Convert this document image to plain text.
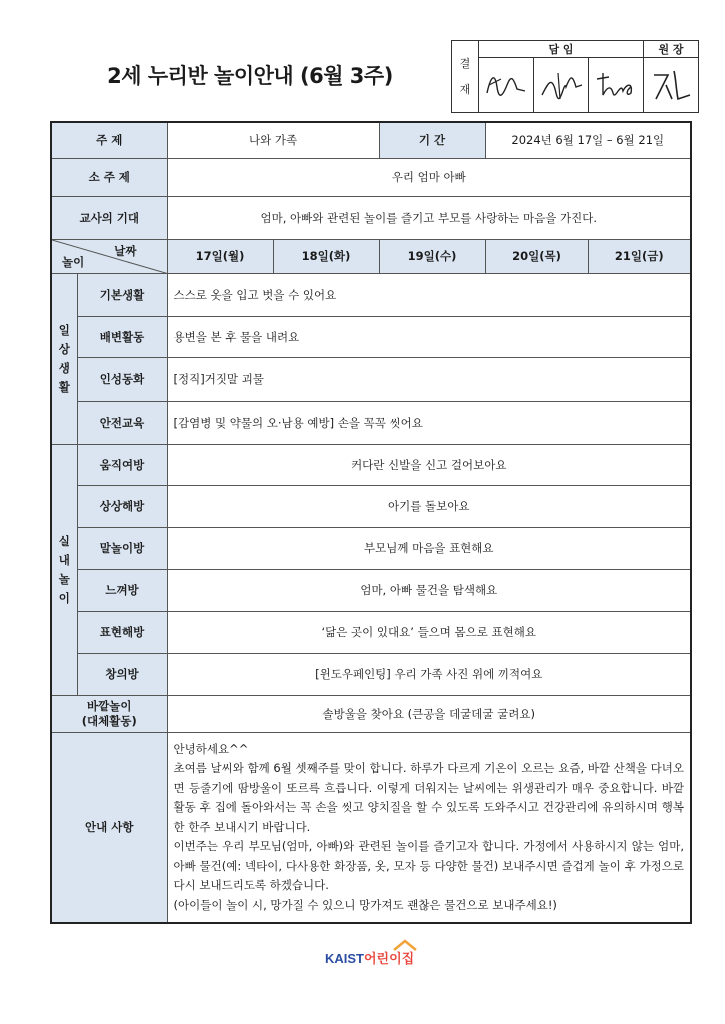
2세 누리반 놀이안내 (6월 3주)
결
재	담 임			원 장

주 제		나와 가족		기 간	2024년 6월 17일 – 6월 21일	
소 주 제		우리 엄마 아빠				
교사의 기대		엄마, 아빠와 관련된 놀이를 즐기고 부모를 사랑하는 마음을 가진다.				

날짜
놀이		17일(월)	18일(화)	19일(수)	20일(목)	21일(금)

일
상
생
활	기본생활	스스로 옷을 입고 벗을 수 있어요				
	배변활동	용변을 본 후 물을 내려요				
	인성동화	[정직]거짓말 괴물				
	안전교육	[감염병 및 약물의 오·남용 예방] 손을 꼭꼭 씻어요				

실
내
놀
이	움직여방	커다란 신발을 신고 걸어보아요				
	상상해방	아기를 돌보아요				
	말놀이방	부모님께 마음을 표현해요				
	느껴방	엄마, 아빠 물건을 탐색해요				
	표현해방	‘닮은 곳이 있대요’ 들으며 몸으로 표현해요				
	창의방	[윈도우페인팅] 우리 가족 사진 위에 끼적여요				
바깥놀이
(대체활동)		솔방울을 찾아요 (큰공을 데굴데굴 굴려요)				
안내 사항		안녕하세요^^
초여름 날씨와 함께 6월 셋째주를 맞이 합니다. 하루가 다르게 기온이 오르는 요즘, 바깥 산책을 다녀오면 등줄기에 땀방울이 또르륵 흐릅니다. 이렇게 더워지는 날씨에는 위생관리가 매우 중요합니다. 바깥활동 후 집에 돌아와서는 꼭 손을 씻고 양치질을 할 수 있도록 도와주시고 건강관리에 유의하시며 행복한 한주 보내시기 바랍니다.
이번주는 우리 부모님(엄마, 아빠)와 관련된 놀이를 즐기고자 합니다. 가정에서 사용하시지 않는 엄마, 아빠 물건(예: 넥타이, 다사용한 화장품, 옷, 모자 등 다양한 물건) 보내주시면 즐겁게 놀이 후 가정으로 다시 보내드리도록 하겠습니다.
(아이들이 놀이 시, 망가질 수 있으니 망가져도 괜찮은 물건으로 보내주세요!)				
KAIST어린이집
